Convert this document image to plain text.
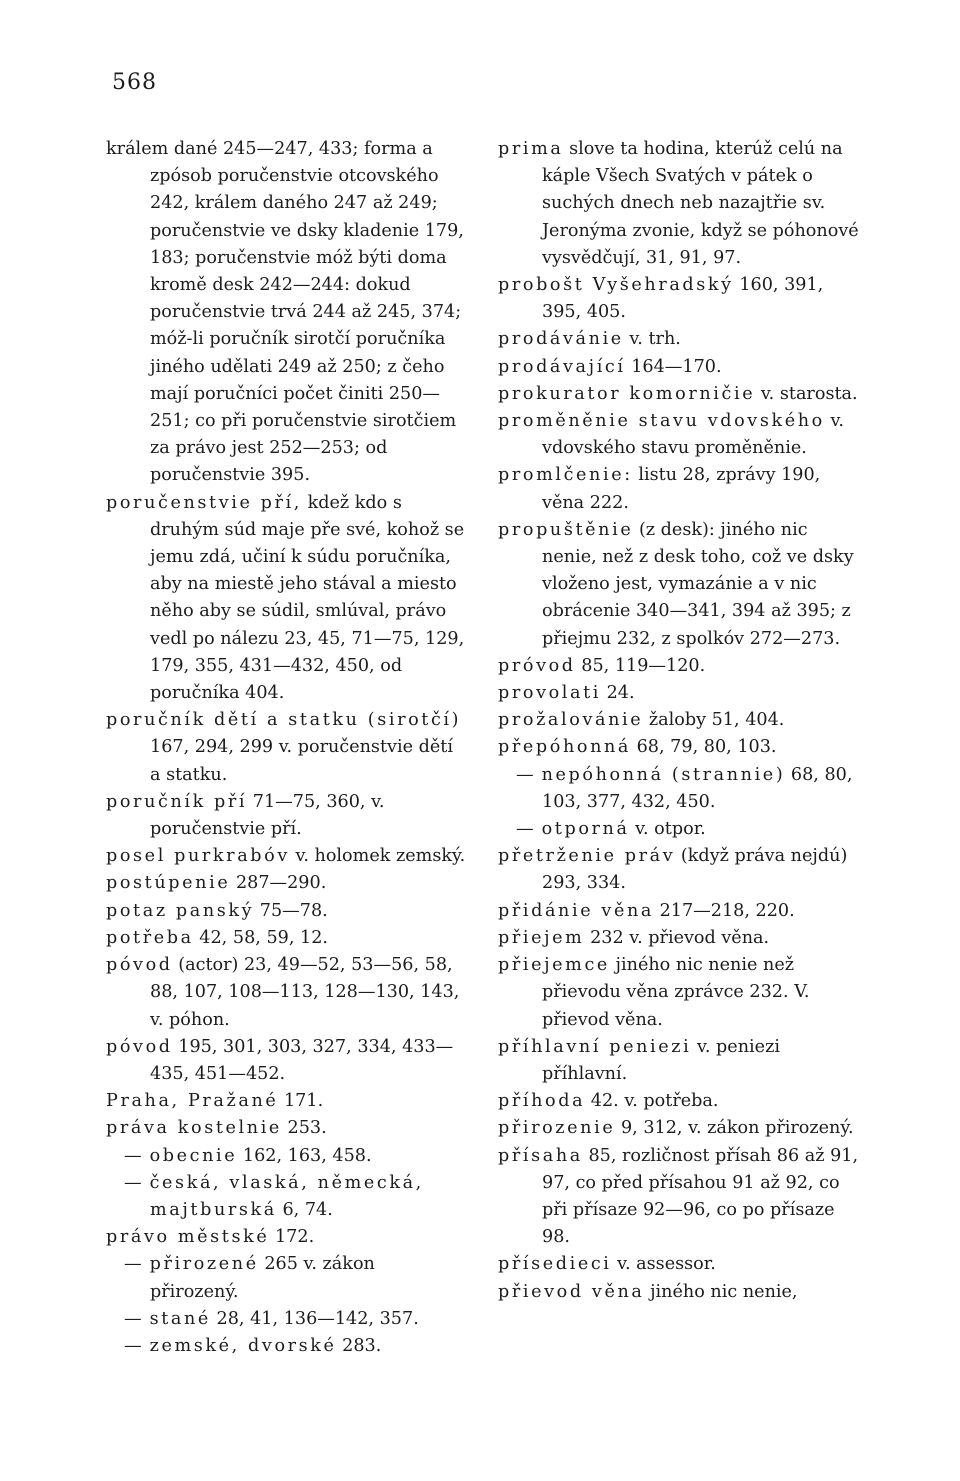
568

králem dané 245—247, 433; forma a zpósob poručenstvie otcovského 242, králem daného 247 až 249; poručenstvie ve dsky kladenie 179, 183; poručenstvie móž býti doma kromě desk 242—244: dokud poručenstvie trvá 244 až 245, 374; móž-li poručník sirotčí poručníka jiného udělati 249 až 250; z čeho mají poručníci počet činiti 250—251; co při poručenstvie sirotčiem za právo jest 252—253; od poručenstvie 395.

poručenstvie pří, kdež kdo s druhým súd maje pře své, kohož se jemu zdá, učiní k súdu poručníka, aby na miestě jeho stával a miesto něho aby se súdil, smlúval, právo vedl po nálezu 23, 45, 71—75, 129, 179, 355, 431—432, 450, od poručníka 404.

poručník dětí a statku (sirotčí) 167, 294, 299 v. poručenstvie dětí a statku.

poručník pří 71—75, 360, v. poručenstvie pří.

posel purkrabóv v. holomek zemský.

postúpenie 287—290.

potaz panský 75—78.

potřeba 42, 58, 59, 12.

póvod (actor) 23, 49—52, 53—56, 58, 88, 107, 108—113, 128—130, 143, v. póhon.

póvod 195, 301, 303, 327, 334, 433—435, 451—452.

Praha, Pražané 171.

práva kostelnie 253.

— obecnie 162, 163, 458.

— česká, vlaská, německá, majtburská 6, 74.

právo městské 172.

— přirozené 265 v. zákon přirozený.

— stané 28, 41, 136—142, 357.

— zemské, dvorské 283.

prima slove ta hodina, kterúž celú na káple Všech Svatých v pátek o suchých dnech neb nazajtřie sv. Jeronýma zvonie, když se póhonové vysvědčují, 31, 91, 97.

probošt Vyšehradský 160, 391, 395, 405.

prodávánie v. trh.

prodávající 164—170.

prokurator komorničie v. starosta.

proměněnie stavu vdovského v. vdovského stavu proměněnie.

promlčenie: listu 28, zprávy 190, věna 222.

propuštěnie (z desk): jiného nic nenie, než z desk toho, což ve dsky vloženo jest, vymazánie a v nic obrácenie 340—341, 394 až 395; z přiejmu 232, z spolkóv 272—273.

próvod 85, 119—120.

provolati 24.

prožalovánie žaloby 51, 404.

přepóhonná 68, 79, 80, 103.

— nepóhonná (strannie) 68, 80, 103, 377, 432, 450.

— otporná v. otpor.

přetrženie práv (když práva nejdú) 293, 334.

přidánie věna 217—218, 220.

přiejem 232 v. přievod věna.

přiejemce jiného nic nenie než přievodu věna zprávce 232. V. přievod věna.

příhlavní peniezi v. peniezi příhlavní.

příhoda 42. v. potřeba.

přirozenie 9, 312, v. zákon přirozený.

přísaha 85, rozličnost přísah 86 až 91, 97, co před přísahou 91 až 92, co při přísaze 92—96, co po přísaze 98.

přísedieci v. assessor.

přievod věna jiného nic nenie,
